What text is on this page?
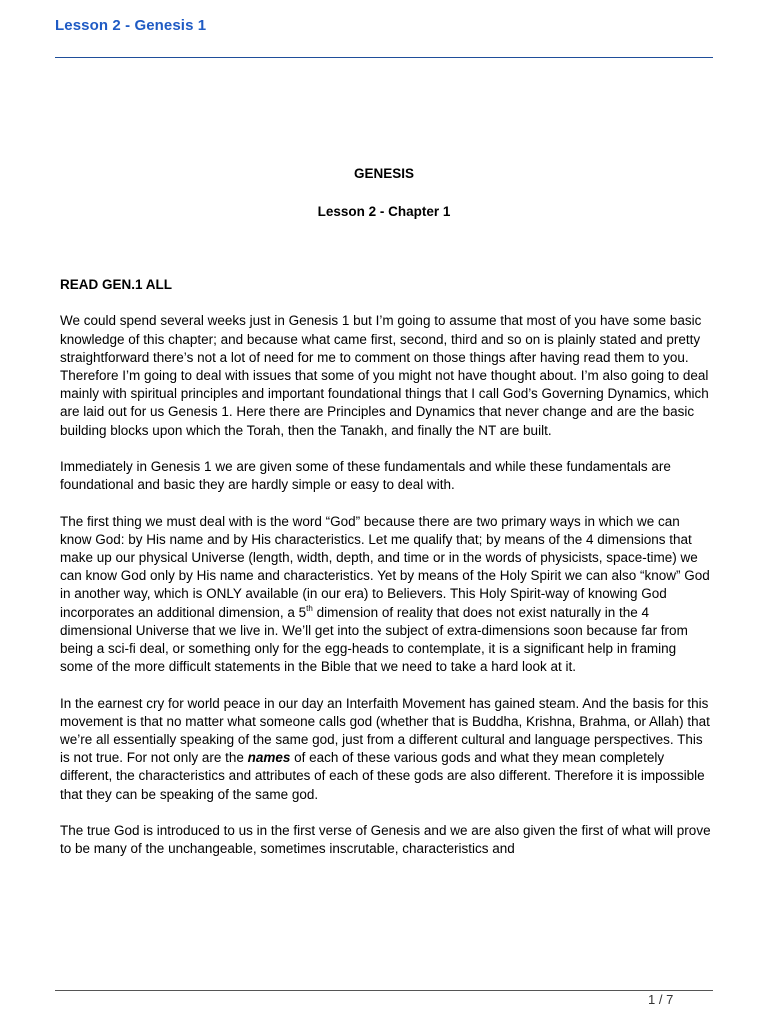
Lesson 2 - Genesis 1
GENESIS
Lesson 2 - Chapter 1

READ GEN.1 ALL

We could spend several weeks just in Genesis 1 but I’m going to assume that most of you have some basic knowledge of this chapter; and because what came first, second, third and so on is plainly stated and pretty straightforward there’s not a lot of need for me to comment on those things after having read them to you. Therefore I’m going to deal with issues that some of you might not have thought about. I’m also going to deal mainly with spiritual principles and important foundational things that I call God’s Governing Dynamics, which are laid out for us Genesis 1. Here there are Principles and Dynamics that never change and are the basic building blocks upon which the Torah, then the Tanakh, and finally the NT are built.

Immediately in Genesis 1 we are given some of these fundamentals and while these fundamentals are foundational and basic they are hardly simple or easy to deal with.

The first thing we must deal with is the word “God” because there are two primary ways in which we can know God: by His name and by His characteristics. Let me qualify that; by means of the 4 dimensions that make up our physical Universe (length, width, depth, and time or in the words of physicists, space-time) we can know God only by His name and characteristics. Yet by means of the Holy Spirit we can also “know” God in another way, which is ONLY available (in our era) to Believers. This Holy Spirit-way of knowing God incorporates an additional dimension, a 5th dimension of reality that does not exist naturally in the 4 dimensional Universe that we live in. We’ll get into the subject of extra-dimensions soon because far from being a sci-fi deal, or something only for the egg-heads to contemplate, it is a significant help in framing some of the more difficult statements in the Bible that we need to take a hard look at it.

In the earnest cry for world peace in our day an Interfaith Movement has gained steam. And the basis for this movement is that no matter what someone calls god (whether that is Buddha, Krishna, Brahma, or Allah) that we’re all essentially speaking of the same god, just from a different cultural and language perspectives. This is not true. For not only are the names of each of these various gods and what they mean completely different, the characteristics and attributes of each of these gods are also different. Therefore it is impossible that they can be speaking of the same god.

The true God is introduced to us in the first verse of Genesis and we are also given the first of what will prove to be many of the unchangeable, sometimes inscrutable, characteristics and

1 / 7
